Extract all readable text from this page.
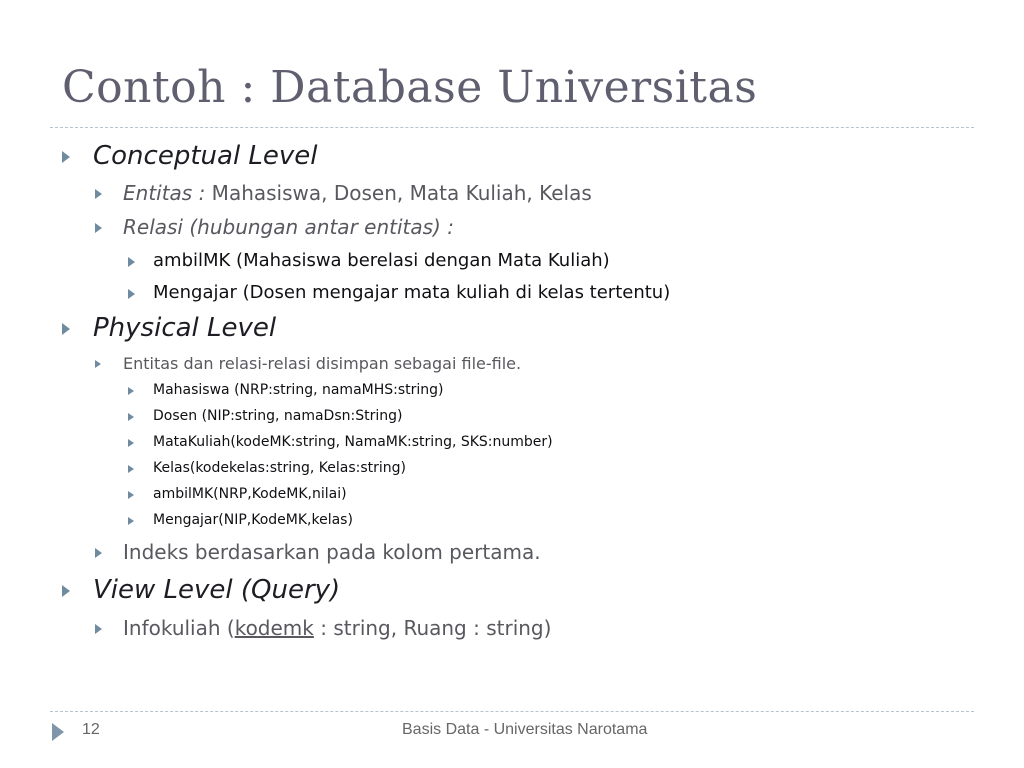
Contoh : Database Universitas
Conceptual Level
Entitas : Mahasiswa, Dosen, Mata Kuliah, Kelas
Relasi (hubungan antar entitas) :
ambilMK (Mahasiswa berelasi dengan Mata Kuliah)
Mengajar (Dosen mengajar mata kuliah di kelas tertentu)
Physical Level
Entitas dan relasi-relasi disimpan sebagai file-file.
Mahasiswa (NRP:string, namaMHS:string)
Dosen (NIP:string, namaDsn:String)
MataKuliah(kodeMK:string, NamaMK:string, SKS:number)
Kelas(kodekelas:string, Kelas:string)
ambilMK(NRP,KodeMK,nilai)
Mengajar(NIP,KodeMK,kelas)
Indeks berdasarkan pada kolom pertama.
View Level (Query)
Infokuliah (kodemk : string, Ruang : string)
12	Basis Data - Universitas Narotama
